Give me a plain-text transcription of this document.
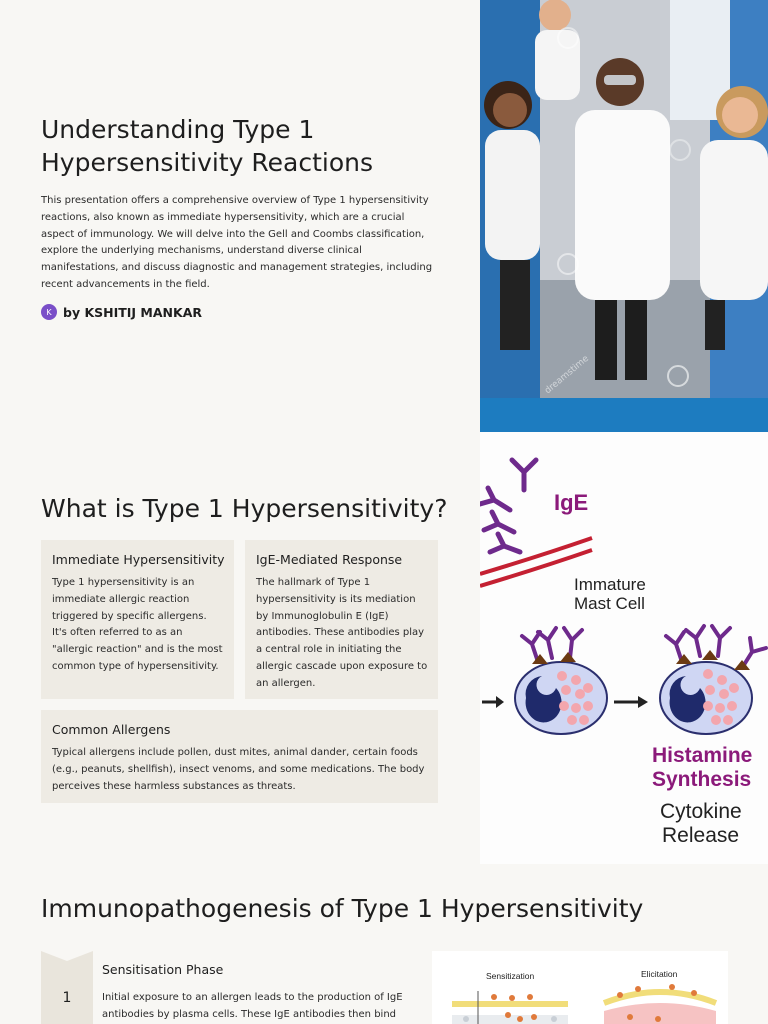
Understanding Type 1 Hypersensitivity Reactions

This presentation offers a comprehensive overview of Type 1 hypersensitivity reactions, also known as immediate hypersensitivity, which are a crucial aspect of immunology. We will delve into the Gell and Coombs classification, explore the underlying mechanisms, understand diverse clinical manifestations, and discuss diagnostic and management strategies, including recent advancements in the field.

K by KSHITIJ MANKAR
dreamstime
What is Type 1 Hypersensitivity?
Immediate Hypersensitivity

Type 1 hypersensitivity is an immediate allergic reaction triggered by specific allergens. It's often referred to as an "allergic reaction" and is the most common type of hypersensitivity.

IgE-Mediated Response

The hallmark of Type 1 hypersensitivity is its mediation by Immunoglobulin E (IgE) antibodies. These antibodies play a central role in initiating the allergic cascade upon exposure to an allergen.

Common Allergens

Typical allergens include pollen, dust mites, animal dander, certain foods (e.g., peanuts, shellfish), insect venoms, and some medications. The body perceives these harmless substances as threats.

IgE
Immature
Mast Cell
Histamine
Synthesis
Cytokine
Release
Immunopathogenesis of Type 1 Hypersensitivity
1
Sensitisation Phase

Initial exposure to an allergen leads to the production of IgE antibodies by plasma cells. These IgE antibodies then bind

Sensitization	Elicitation
